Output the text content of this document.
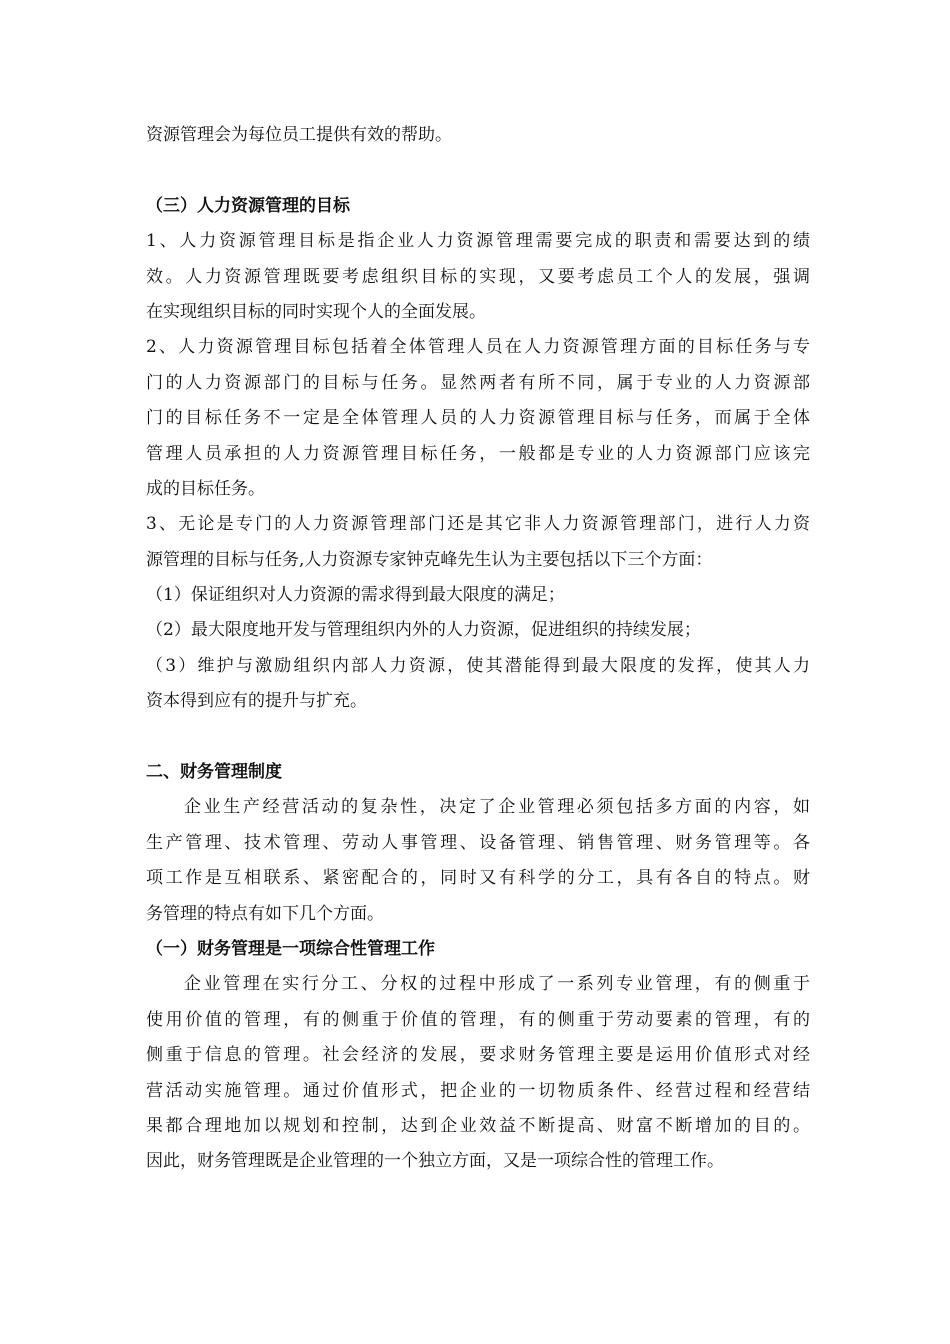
资源管理会为每位员工提供有效的帮助。
（三）人力资源管理的目标
1、人力资源管理目标是指企业人力资源管理需要完成的职责和需要达到的绩
效。人力资源管理既要考虑组织目标的实现，又要考虑员工个人的发展，强调
在实现组织目标的同时实现个人的全面发展。
2、人力资源管理目标包括着全体管理人员在人力资源管理方面的目标任务与专
门的人力资源部门的目标与任务。显然两者有所不同，属于专业的人力资源部
门的目标任务不一定是全体管理人员的人力资源管理目标与任务，而属于全体
管理人员承担的人力资源管理目标任务，一般都是专业的人力资源部门应该完
成的目标任务。
3、无论是专门的人力资源管理部门还是其它非人力资源管理部门，进行人力资
源管理的目标与任务,人力资源专家钟克峰先生认为主要包括以下三个方面：
（1）保证组织对人力资源的需求得到最大限度的满足；
（2）最大限度地开发与管理组织内外的人力资源，促进组织的持续发展；
（3）维护与激励组织内部人力资源，使其潜能得到最大限度的发挥，使其人力
资本得到应有的提升与扩充。
二、财务管理制度
企业生产经营活动的复杂性，决定了企业管理必须包括多方面的内容，如
生产管理、技术管理、劳动人事管理、设备管理、销售管理、财务管理等。各
项工作是互相联系、紧密配合的，同时又有科学的分工，具有各自的特点。财
务管理的特点有如下几个方面。
（一）财务管理是一项综合性管理工作
企业管理在实行分工、分权的过程中形成了一系列专业管理，有的侧重于
使用价值的管理，有的侧重于价值的管理，有的侧重于劳动要素的管理，有的
侧重于信息的管理。社会经济的发展，要求财务管理主要是运用价值形式对经
营活动实施管理。通过价值形式，把企业的一切物质条件、经营过程和经营结
果都合理地加以规划和控制，达到企业效益不断提高、财富不断增加的目的。
因此，财务管理既是企业管理的一个独立方面，又是一项综合性的管理工作。
